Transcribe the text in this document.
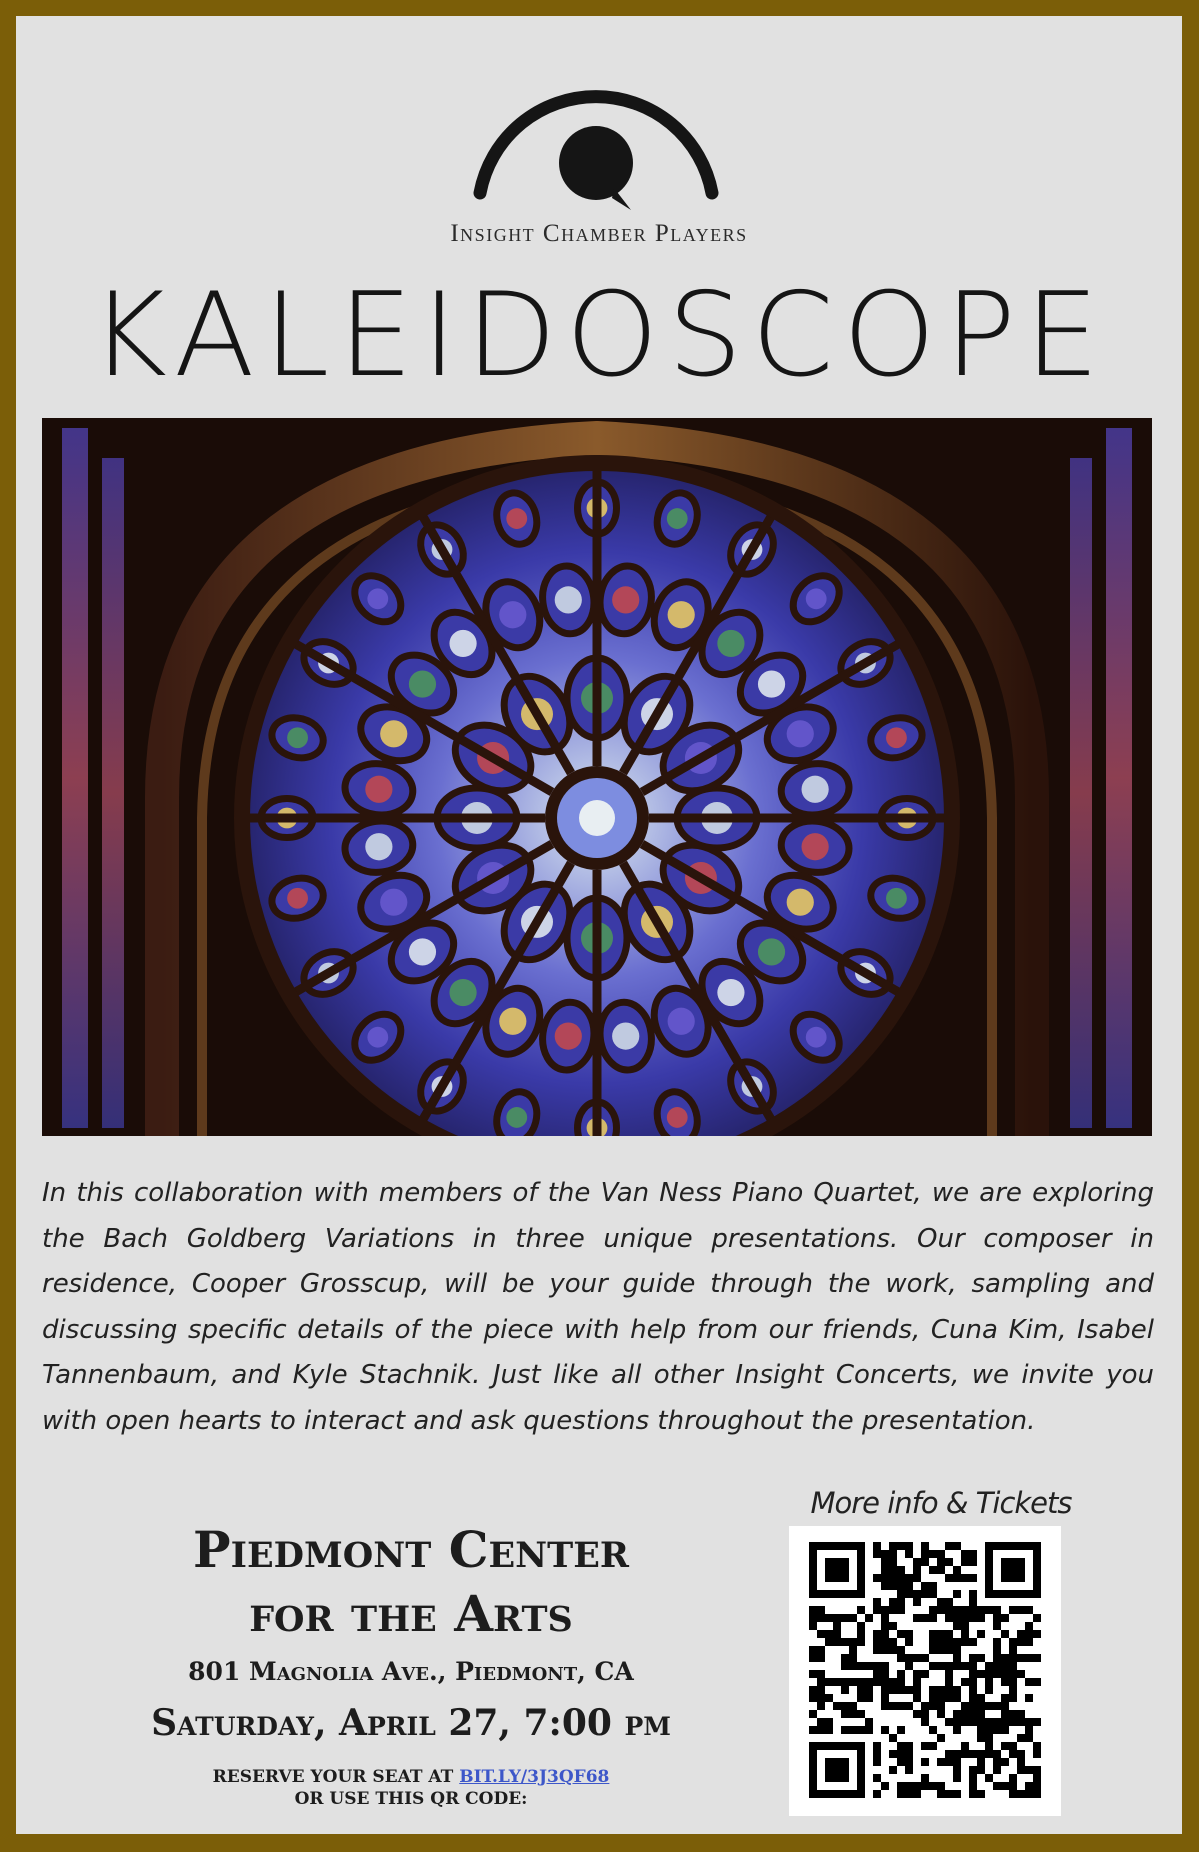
Insight Chamber Players
KALEIDOSCOPE
In this collaboration with members of the Van Ness Piano Quartet, we are exploring the Bach Goldberg Variations in three unique presentations. Our composer in residence, Cooper Grosscup, will be your guide through the work, sampling and discussing specific details of the piece with help from our friends, Cuna Kim, Isabel Tannenbaum, and Kyle Stachnik. Just like all other Insight Concerts, we invite you with open hearts to interact and ask questions throughout the presentation.
More info & Tickets
Piedmont Center
for the Arts
801 Magnolia Ave., Piedmont, CA
Saturday, April 27, 7:00 pm
RESERVE YOUR SEAT AT BIT.LY/3J3QF68
OR USE THIS QR CODE:
